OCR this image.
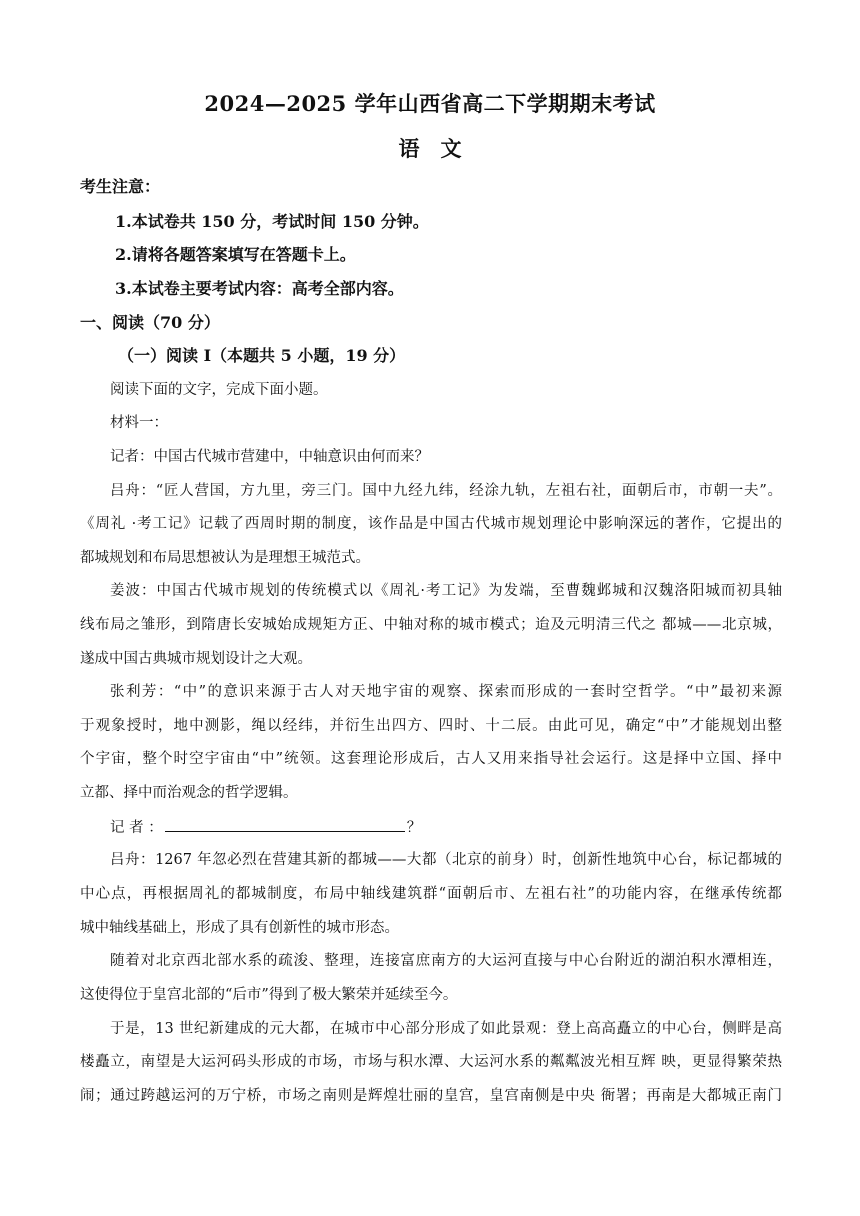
2024—2025 学年山西省高二下学期期末考试
语　文
考生注意：
1.本试卷共 150 分，考试时间 150 分钟。
2.请将各题答案填写在答题卡上。
3.本试卷主要考试内容：高考全部内容。
一、阅读（70 分）
（一）阅读 I（本题共 5 小题，19 分）
阅读下面的文字，完成下面小题。
材料一：
记者：中国古代城市营建中，中轴意识由何而来？
吕舟：“匠人营国，方九里，旁三门。国中九经九纬，经涂九轨，左祖右社，面朝后市，市朝一夫”。
《周礼 ·考工记》记载了西周时期的制度，该作品是中国古代城市规划理论中影响深远的著作，它提出的
都城规划和布局思想被认为是理想王城范式。
姜波：中国古代城市规划的传统模式以《周礼·考工记》为发端，至曹魏邺城和汉魏洛阳城而初具轴
线布局之雏形，到隋唐长安城始成规矩方正、中轴对称的城市模式；迨及元明清三代之 都城——北京城，
遂成中国古典城市规划设计之大观。
张利芳：“中”的意识来源于古人对天地宇宙的观察、探索而形成的一套时空哲学。“中”最初来源
于观象授时，地中测影，绳以经纬，并衍生出四方、四时、十二辰。由此可见，确定“中”才能规划出整
个宇宙，整个时空宇宙由“中”统领。这套理论形成后，古人又用来指导社会运行。这是择中立国、择中
立都、择中而治观念的哲学逻辑。
记 者 ：	？
吕舟：1267 年忽必烈在营建其新的都城——大都（北京的前身）时，创新性地筑中心台，标记都城的
中心点，再根据周礼的都城制度，布局中轴线建筑群“面朝后市、左祖右社”的功能内容，在继承传统都
城中轴线基础上，形成了具有创新性的城市形态。
随着对北京西北部水系的疏浚、整理，连接富庶南方的大运河直接与中心台附近的湖泊积水潭相连，
这使得位于皇宫北部的“后市”得到了极大繁荣并延续至今。
于是，13 世纪新建成的元大都，在城市中心部分形成了如此景观：登上高高矗立的中心台，侧畔是高
楼矗立，南望是大运河码头形成的市场，市场与积水潭、大运河水系的粼粼波光相互辉 映，更显得繁荣热
闹；通过跨越运河的万宁桥，市场之南则是辉煌壮丽的皇宫，皇宫南侧是中央 衙署；再南是大都城正南门
